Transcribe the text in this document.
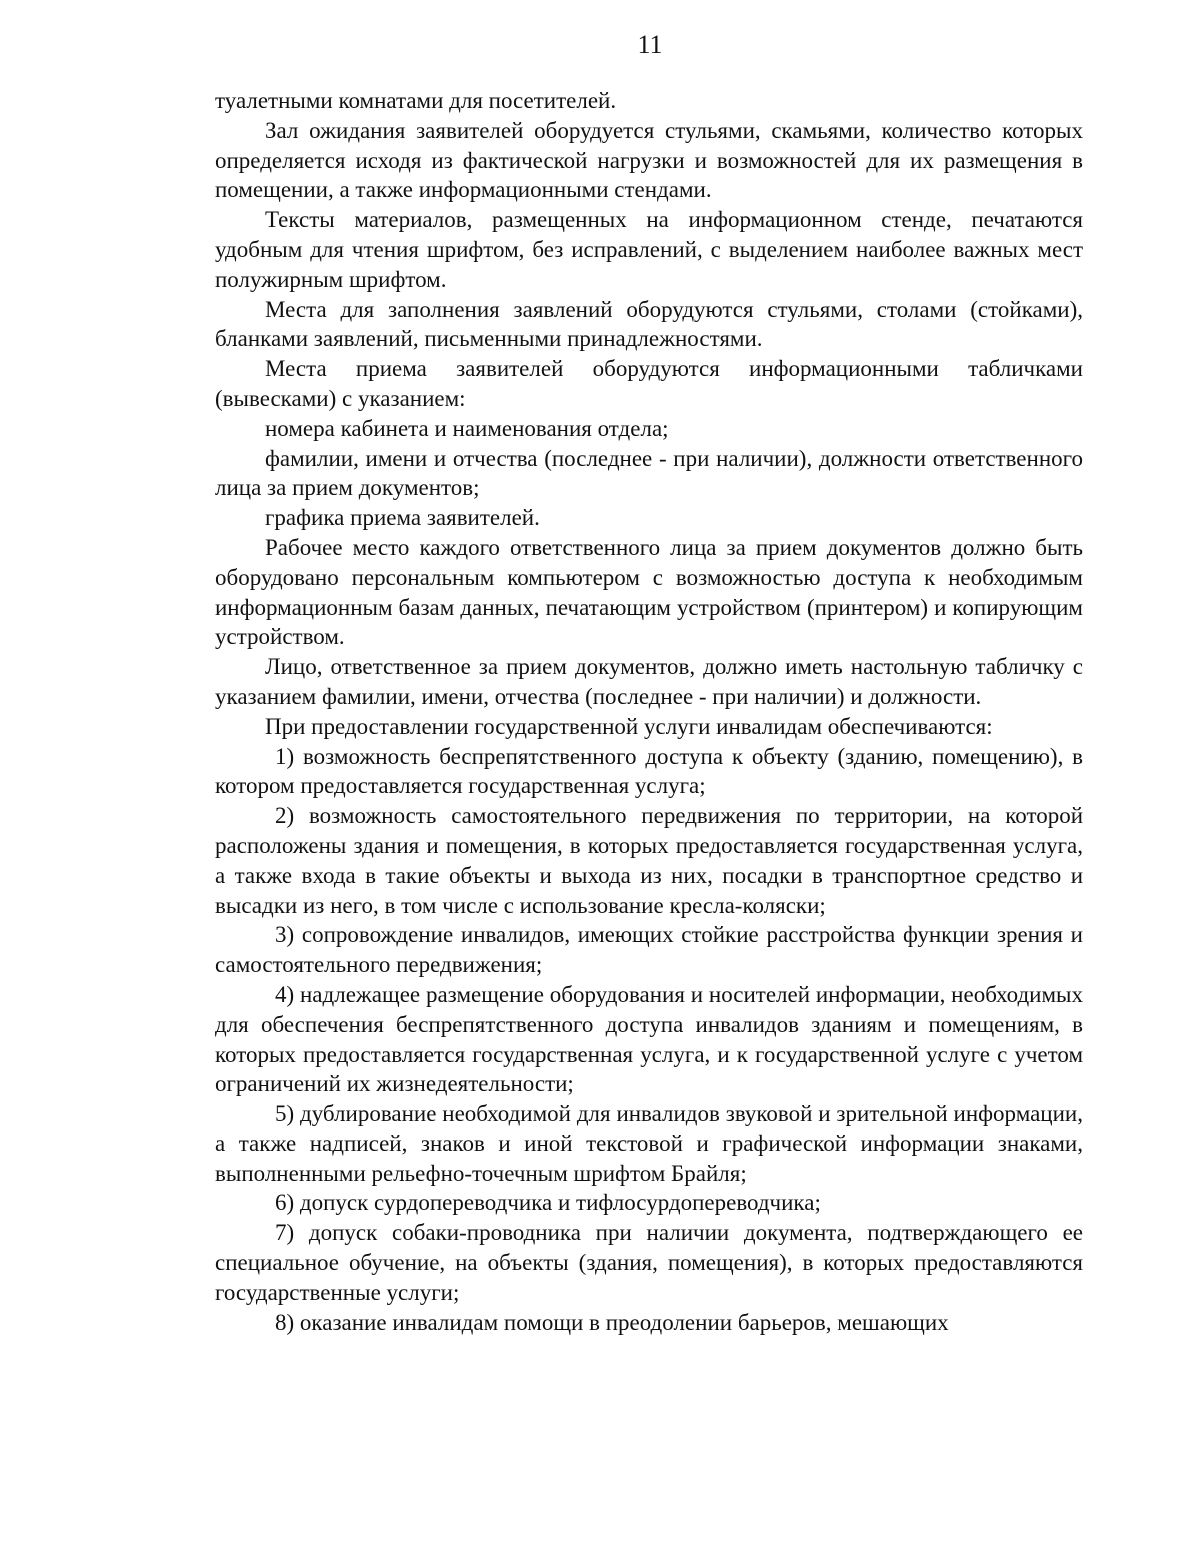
11

туалетными комнатами для посетителей.

Зал ожидания заявителей оборудуется стульями, скамьями, количество которых определяется исходя из фактической нагрузки и возможностей для их размещения в помещении, а также информационными стендами.

Тексты материалов, размещенных на информационном стенде, печатаются удобным для чтения шрифтом, без исправлений, с выделением наиболее важных мест полужирным шрифтом.

Места для заполнения заявлений оборудуются стульями, столами (стойками), бланками заявлений, письменными принадлежностями.

Места приема заявителей оборудуются информационными табличками (вывесками) с указанием:

номера кабинета и наименования отдела;

фамилии, имени и отчества (последнее - при наличии), должности ответственного лица за прием документов;

графика приема заявителей.

Рабочее место каждого ответственного лица за прием документов должно быть оборудовано персональным компьютером с возможностью доступа к необходимым информационным базам данных, печатающим устройством (принтером) и копирующим устройством.

Лицо, ответственное за прием документов, должно иметь настольную табличку с указанием фамилии, имени, отчества (последнее - при наличии) и должности.

При предоставлении государственной услуги инвалидам обеспечиваются:

1) возможность беспрепятственного доступа к объекту (зданию, помещению), в котором предоставляется государственная услуга;

2) возможность самостоятельного передвижения по территории, на которой расположены здания и помещения, в которых предоставляется государственная услуга, а также входа в такие объекты и выхода из них, посадки в транспортное средство и высадки из него, в том числе с использование кресла-коляски;

3) сопровождение инвалидов, имеющих стойкие расстройства функции зрения и самостоятельного передвижения;

4) надлежащее размещение оборудования и носителей информации, необходимых для обеспечения беспрепятственного доступа инвалидов зданиям и помещениям, в которых предоставляется государственная услуга, и к государственной услуге с учетом ограничений их жизнедеятельности;

5) дублирование необходимой для инвалидов звуковой и зрительной информации, а также надписей, знаков и иной текстовой и графической информации знаками, выполненными рельефно-точечным шрифтом Брайля;

6) допуск сурдопереводчика и тифлосурдопереводчика;

7) допуск собаки-проводника при наличии документа, подтверждающего ее специальное обучение, на объекты (здания, помещения), в которых предоставляются государственные услуги;

8) оказание инвалидам помощи в преодолении барьеров, мешающих
